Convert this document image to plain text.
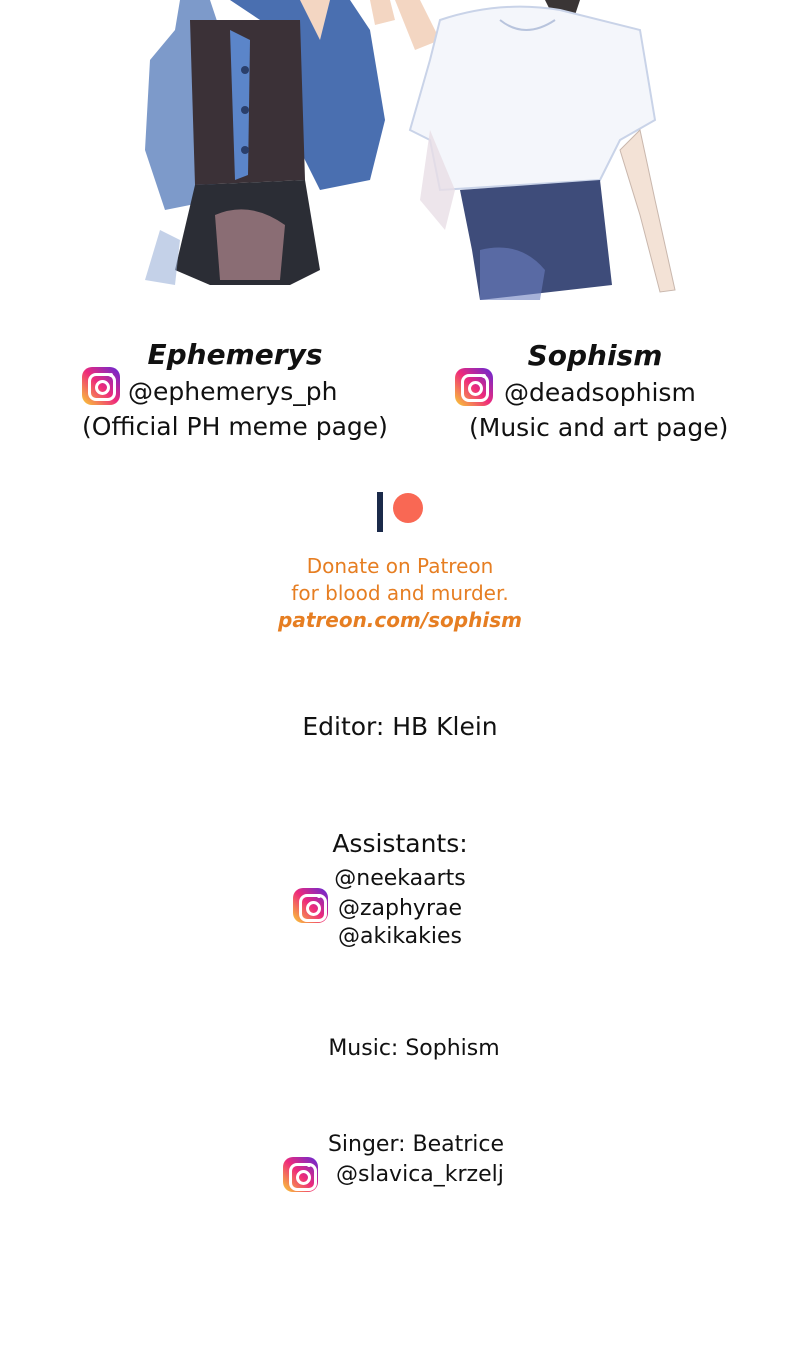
Ephemerys
@ephemerys_ph
(Official PH meme page)
Sophism
@deadsophism
(Music and art page)
Donate on Patreon
for blood and murder.
patreon.com/sophism
Editor: HB Klein
Assistants:
@neekaarts
@zaphyrae
@akikakies
Music: Sophism
Singer: Beatrice
@slavica_krzelj
